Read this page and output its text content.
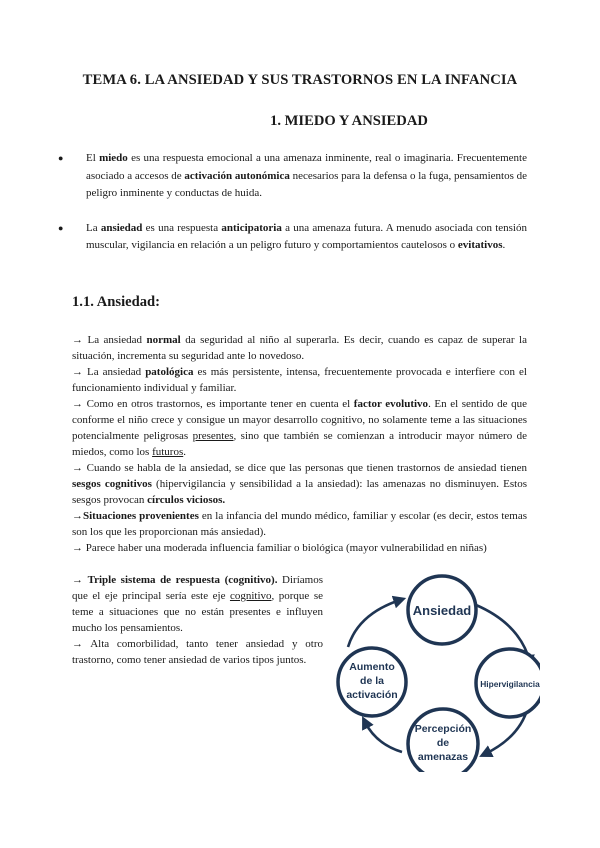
TEMA 6. LA ANSIEDAD Y SUS TRASTORNOS EN LA INFANCIA
1. MIEDO Y ANSIEDAD
● El miedo es una respuesta emocional a una amenaza inminente, real o imaginaria. Frecuentemente asociado a accesos de activación autonómica necesarios para la defensa o la fuga, pensamientos de peligro inminente y conductas de huida.
● La ansiedad es una respuesta anticipatoria a una amenaza futura. A menudo asociada con tensión muscular, vigilancia en relación a un peligro futuro y comportamientos cautelosos o evitativos.
1.1. Ansiedad:
→ La ansiedad normal da seguridad al niño al superarla. Es decir, cuando es capaz de superar la situación, incrementa su seguridad ante lo novedoso.
→ La ansiedad patológica es más persistente, intensa, frecuentemente provocada e interfiere con el funcionamiento individual y familiar.
→ Como en otros trastornos, es importante tener en cuenta el factor evolutivo. En el sentido de que conforme el niño crece y consigue un mayor desarrollo cognitivo, no solamente teme a las situaciones potencialmente peligrosas presentes, sino que también se comienzan a introducir mayor número de miedos, como los futuros.
→ Cuando se habla de la ansiedad, se dice que las personas que tienen trastornos de ansiedad tienen sesgos cognitivos (hipervigilancia y sensibilidad a la ansiedad): las amenazas no disminuyen. Estos sesgos provocan círculos viciosos.
→Situaciones provenientes en la infancia del mundo médico, familiar y escolar (es decir, estos temas son los que les proporcionan más ansiedad).
→ Parece haber una moderada influencia familiar o biológica (mayor vulnerabilidad en niñas)
→ Triple sistema de respuesta (cognitivo). Diríamos que el eje principal sería este eje cognitivo, porque se teme a situaciones que no están presentes e influyen mucho los pensamientos.
→ Alta comorbilidad, tanto tener ansiedad y otro trastorno, como tener ansiedad de varios tipos juntos.
Ansiedad
Hipervigilancia
Percepción
de
amenazas
Aumento
de la
activación
